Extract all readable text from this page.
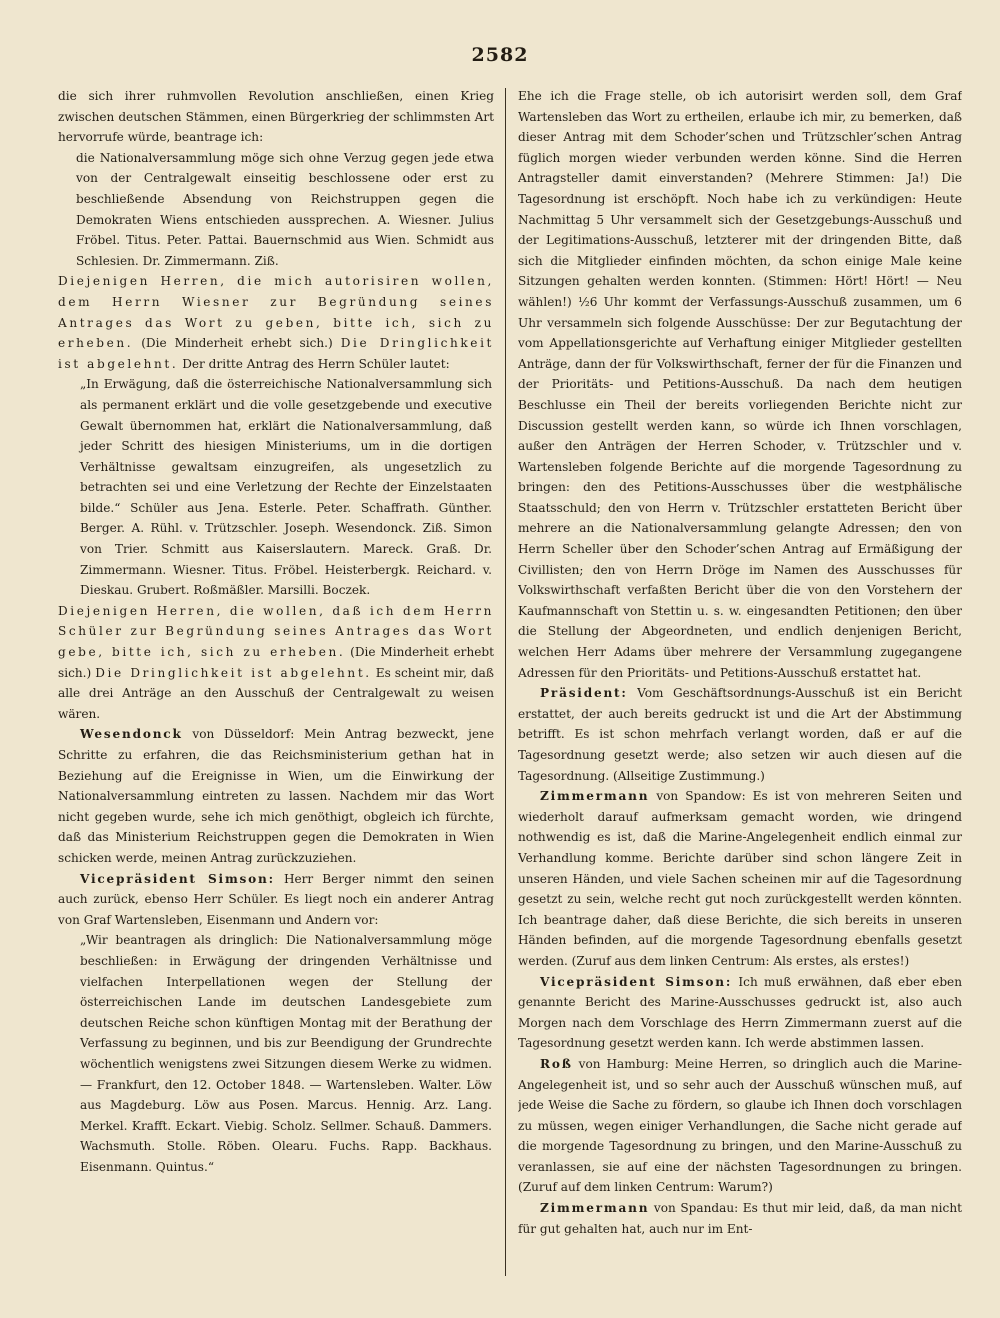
2582

die sich ihrer ruhmvollen Revolution anschließen, einen Krieg zwischen deutschen Stämmen, einen Bürgerkrieg der schlimmsten Art hervorrufe würde, beantrage ich:

die Nationalversammlung möge sich ohne Verzug gegen jede etwa von der Centralgewalt einseitig beschlossene oder erst zu beschließende Absendung von Reichstruppen gegen die Demokraten Wiens entschieden aussprechen. A. Wiesner. Julius Fröbel. Titus. Peter. Pattai. Bauernschmid aus Wien. Schmidt aus Schlesien. Dr. Zimmermann. Ziß.

Diejenigen Herren, die mich autorisiren wollen, dem Herrn Wiesner zur Begründung seines Antrages das Wort zu geben, bitte ich, sich zu erheben. (Die Minderheit erhebt sich.) Die Dringlichkeit ist abgelehnt. Der dritte Antrag des Herrn Schüler lautet:

„In Erwägung, daß die österreichische Nationalversammlung sich als permanent erklärt und die volle gesetzgebende und executive Gewalt übernommen hat, erklärt die Nationalversammlung, daß jeder Schritt des hiesigen Ministeriums, um in die dortigen Verhältnisse gewaltsam einzugreifen, als ungesetzlich zu betrachten sei und eine Verletzung der Rechte der Einzelstaaten bilde.“ Schüler aus Jena. Esterle. Peter. Schaffrath. Günther. Berger. A. Rühl. v. Trützschler. Joseph. Wesendonck. Ziß. Simon von Trier. Schmitt aus Kaiserslautern. Mareck. Graß. Dr. Zimmermann. Wiesner. Titus. Fröbel. Heisterbergk. Reichard. v. Dieskau. Grubert. Roßmäßler. Marsilli. Boczek.

Diejenigen Herren, die wollen, daß ich dem Herrn Schüler zur Begründung seines Antrages das Wort gebe, bitte ich, sich zu erheben. (Die Minderheit erhebt sich.) Die Dringlichkeit ist abgelehnt. Es scheint mir, daß alle drei Anträge an den Ausschuß der Centralgewalt zu weisen wären.

Wesendonck von Düsseldorf: Mein Antrag bezweckt, jene Schritte zu erfahren, die das Reichsministerium gethan hat in Beziehung auf die Ereignisse in Wien, um die Einwirkung der Nationalversammlung eintreten zu lassen. Nachdem mir das Wort nicht gegeben wurde, sehe ich mich genöthigt, obgleich ich fürchte, daß das Ministerium Reichstruppen gegen die Demokraten in Wien schicken werde, meinen Antrag zurückzuziehen.

Vicepräsident Simson: Herr Berger nimmt den seinen auch zurück, ebenso Herr Schüler. Es liegt noch ein anderer Antrag von Graf Wartensleben, Eisenmann und Andern vor:

„Wir beantragen als dringlich: Die Nationalversammlung möge beschließen: in Erwägung der dringenden Verhältnisse und vielfachen Interpellationen wegen der Stellung der österreichischen Lande im deutschen Landesgebiete zum deutschen Reiche schon künftigen Montag mit der Berathung der Verfassung zu beginnen, und bis zur Beendigung der Grundrechte wöchentlich wenigstens zwei Sitzungen diesem Werke zu widmen. — Frankfurt, den 12. October 1848. — Wartensleben. Walter. Löw aus Magdeburg. Löw aus Posen. Marcus. Hennig. Arz. Lang. Merkel. Krafft. Eckart. Viebig. Scholz. Sellmer. Schauß. Dammers. Wachsmuth. Stolle. Röben. Olearu. Fuchs. Rapp. Backhaus. Eisenmann. Quintus.“

Ehe ich die Frage stelle, ob ich autorisirt werden soll, dem Graf Wartensleben das Wort zu ertheilen, erlaube ich mir, zu bemerken, daß dieser Antrag mit dem Schoder’schen und Trützschler’schen Antrag füglich morgen wieder verbunden werden könne. Sind die Herren Antragsteller damit einverstanden? (Mehrere Stimmen: Ja!) Die Tagesordnung ist erschöpft. Noch habe ich zu verkündigen: Heute Nachmittag 5 Uhr versammelt sich der Gesetzgebungs-Ausschuß und der Legitimations-Ausschuß, letzterer mit der dringenden Bitte, daß sich die Mitglieder einfinden möchten, da schon einige Male keine Sitzungen gehalten werden konnten. (Stimmen: Hört! Hört! — Neu wählen!) ½6 Uhr kommt der Verfassungs-Ausschuß zusammen, um 6 Uhr versammeln sich folgende Ausschüsse: Der zur Begutachtung der vom Appellationsgerichte auf Verhaftung einiger Mitglieder gestellten Anträge, dann der für Volkswirthschaft, ferner der für die Finanzen und der Prioritäts- und Petitions-Ausschuß. Da nach dem heutigen Beschlusse ein Theil der bereits vorliegenden Berichte nicht zur Discussion gestellt werden kann, so würde ich Ihnen vorschlagen, außer den Anträgen der Herren Schoder, v. Trützschler und v. Wartensleben folgende Berichte auf die morgende Tagesordnung zu bringen: den des Petitions-Ausschusses über die westphälische Staatsschuld; den von Herrn v. Trützschler erstatteten Bericht über mehrere an die Nationalversammlung gelangte Adressen; den von Herrn Scheller über den Schoder’schen Antrag auf Ermäßigung der Civillisten; den von Herrn Dröge im Namen des Ausschusses für Volkswirthschaft verfaßten Bericht über die von den Vorstehern der Kaufmannschaft von Stettin u. s. w. eingesandten Petitionen; den über die Stellung der Abgeordneten, und endlich denjenigen Bericht, welchen Herr Adams über mehrere der Versammlung zugegangene Adressen für den Prioritäts- und Petitions-Ausschuß erstattet hat.

Präsident: Vom Geschäftsordnungs-Ausschuß ist ein Bericht erstattet, der auch bereits gedruckt ist und die Art der Abstimmung betrifft. Es ist schon mehrfach verlangt worden, daß er auf die Tagesordnung gesetzt werde; also setzen wir auch diesen auf die Tagesordnung. (Allseitige Zustimmung.)

Zimmermann von Spandow: Es ist von mehreren Seiten und wiederholt darauf aufmerksam gemacht worden, wie dringend nothwendig es ist, daß die Marine-Angelegenheit endlich einmal zur Verhandlung komme. Berichte darüber sind schon längere Zeit in unseren Händen, und viele Sachen scheinen mir auf die Tagesordnung gesetzt zu sein, welche recht gut noch zurückgestellt werden könnten. Ich beantrage daher, daß diese Berichte, die sich bereits in unseren Händen befinden, auf die morgende Tagesordnung ebenfalls gesetzt werden. (Zuruf aus dem linken Centrum: Als erstes, als erstes!)

Vicepräsident Simson: Ich muß erwähnen, daß eber eben genannte Bericht des Marine-Ausschusses gedruckt ist, also auch Morgen nach dem Vorschlage des Herrn Zimmermann zuerst auf die Tagesordnung gesetzt werden kann. Ich werde abstimmen lassen.

Roß von Hamburg: Meine Herren, so dringlich auch die Marine-Angelegenheit ist, und so sehr auch der Ausschuß wünschen muß, auf jede Weise die Sache zu fördern, so glaube ich Ihnen doch vorschlagen zu müssen, wegen einiger Verhandlungen, die Sache nicht gerade auf die morgende Tagesordnung zu bringen, und den Marine-Ausschuß zu veranlassen, sie auf eine der nächsten Tagesordnungen zu bringen. (Zuruf auf dem linken Centrum: Warum?)

Zimmermann von Spandau: Es thut mir leid, daß, da man nicht für gut gehalten hat, auch nur im Ent-
